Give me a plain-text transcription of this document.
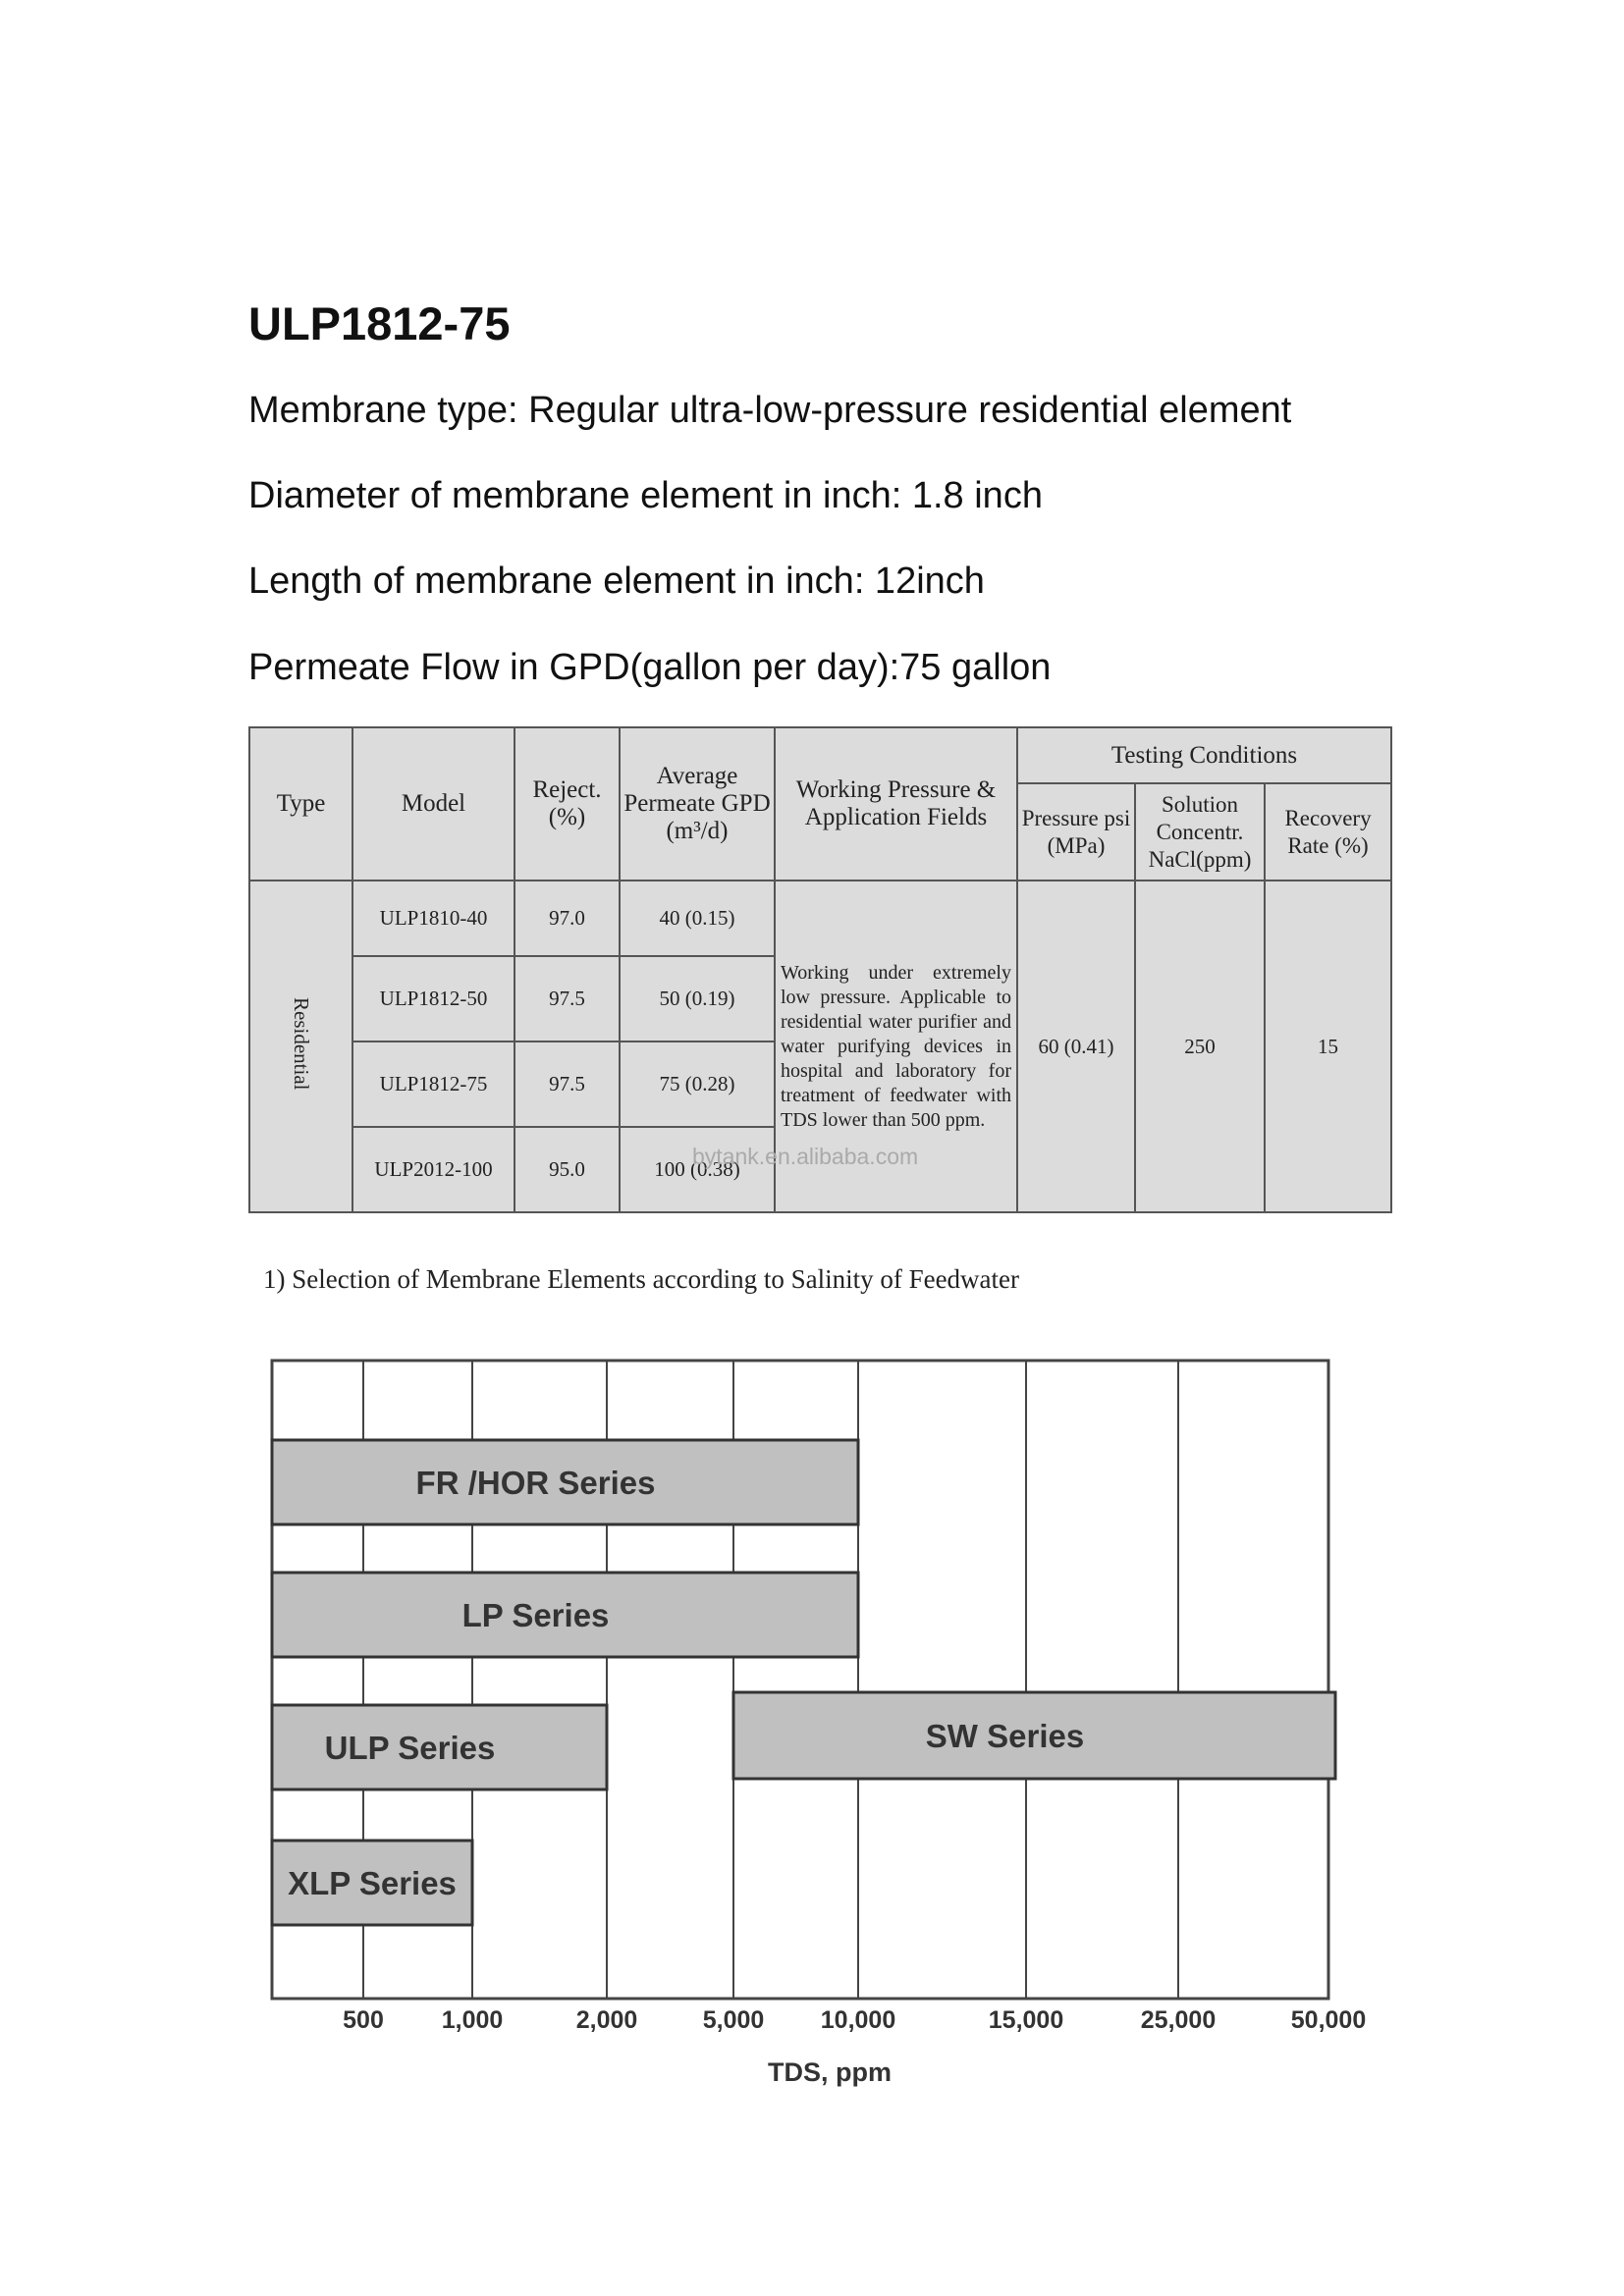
ULP1812-75
Membrane type: Regular ultra-low-pressure residential element
Diameter of membrane element in inch: 1.8 inch
Length of membrane element in inch: 12inch
Permeate Flow in GPD(gallon per day):75 gallon
Type	Model	Reject. (%)	Average Permeate GPD (m³/d)	Working Pressure & Application Fields	Testing Conditions		
					Pressure psi (MPa)	Solution Concentr. NaCl(ppm)	Recovery Rate (%)
Residential	ULP1810-40	97.0	40 (0.15)	Working under extremely low pressure. Applicable to residential water purifier and water purifying devices in hospital and laboratory for treatment of feedwater with TDS lower than 500 ppm.	60 (0.41)	250	15
	ULP1812-50	97.5	50 (0.19)				
	ULP1812-75	97.5	75 (0.28)				
	ULP2012-100	95.0	100 (0.38)				
bytank.en.alibaba.com
1) Selection of Membrane Elements according to Salinity of Feedwater
500 1,000	2,000	5,000 10,000	15,000	25,000	50,000
FR /HOR Series
LP Series
ULP Series	SW Series
XLP Series
TDS, ppm
